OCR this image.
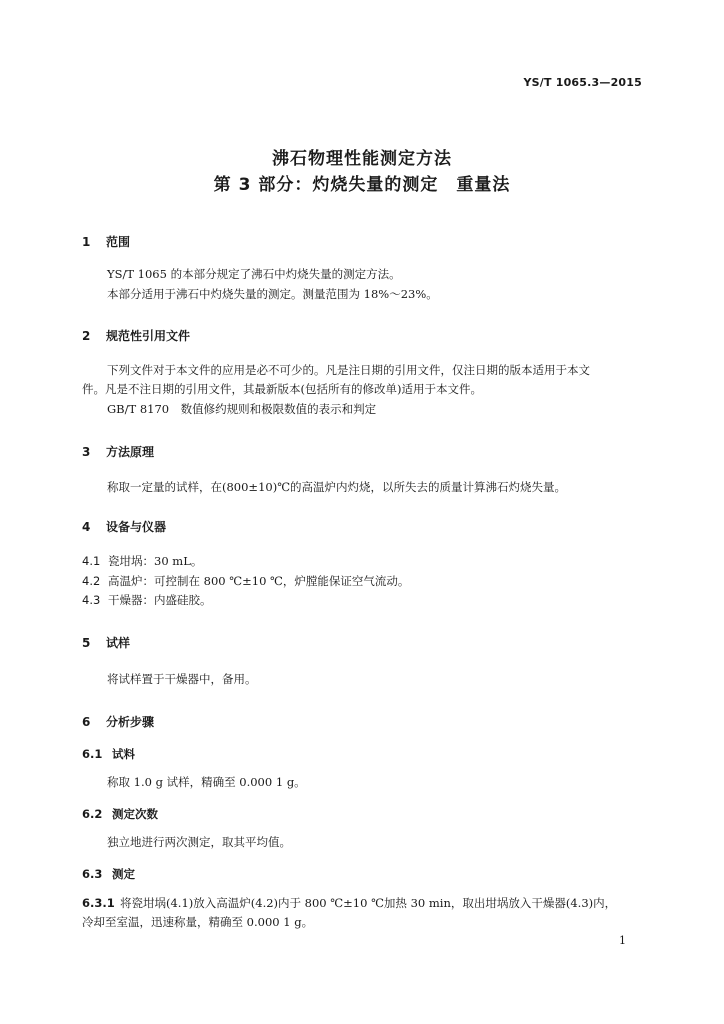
YS/T 1065.3—2015
沸石物理性能测定方法
第 3 部分：灼烧失量的测定　重量法
1 范围
YS/T 1065 的本部分规定了沸石中灼烧失量的测定方法。
本部分适用于沸石中灼烧失量的测定。测量范围为 18%～23%。
2 规范性引用文件
下列文件对于本文件的应用是必不可少的。凡是注日期的引用文件，仅注日期的版本适用于本文
件。凡是不注日期的引用文件，其最新版本(包括所有的修改单)适用于本文件。
GB/T 8170　数值修约规则和极限数值的表示和判定
3 方法原理
称取一定量的试样，在(800±10)℃的高温炉内灼烧，以所失去的质量计算沸石灼烧失量。
4 设备与仪器
4.1 瓷坩埚：30 mL。
4.2 高温炉：可控制在 800 ℃±10 ℃，炉膛能保证空气流动。
4.3 干燥器：内盛硅胶。
5 试样
将试样置于干燥器中，备用。
6 分析步骤
6.1 试料
称取 1.0 g 试样，精确至 0.000 1 g。
6.2 测定次数
独立地进行两次测定，取其平均值。
6.3 测定
6.3.1 将瓷坩埚(4.1)放入高温炉(4.2)内于 800 ℃±10 ℃加热 30 min，取出坩埚放入干燥器(4.3)内，
冷却至室温，迅速称量，精确至 0.000 1 g。
1
